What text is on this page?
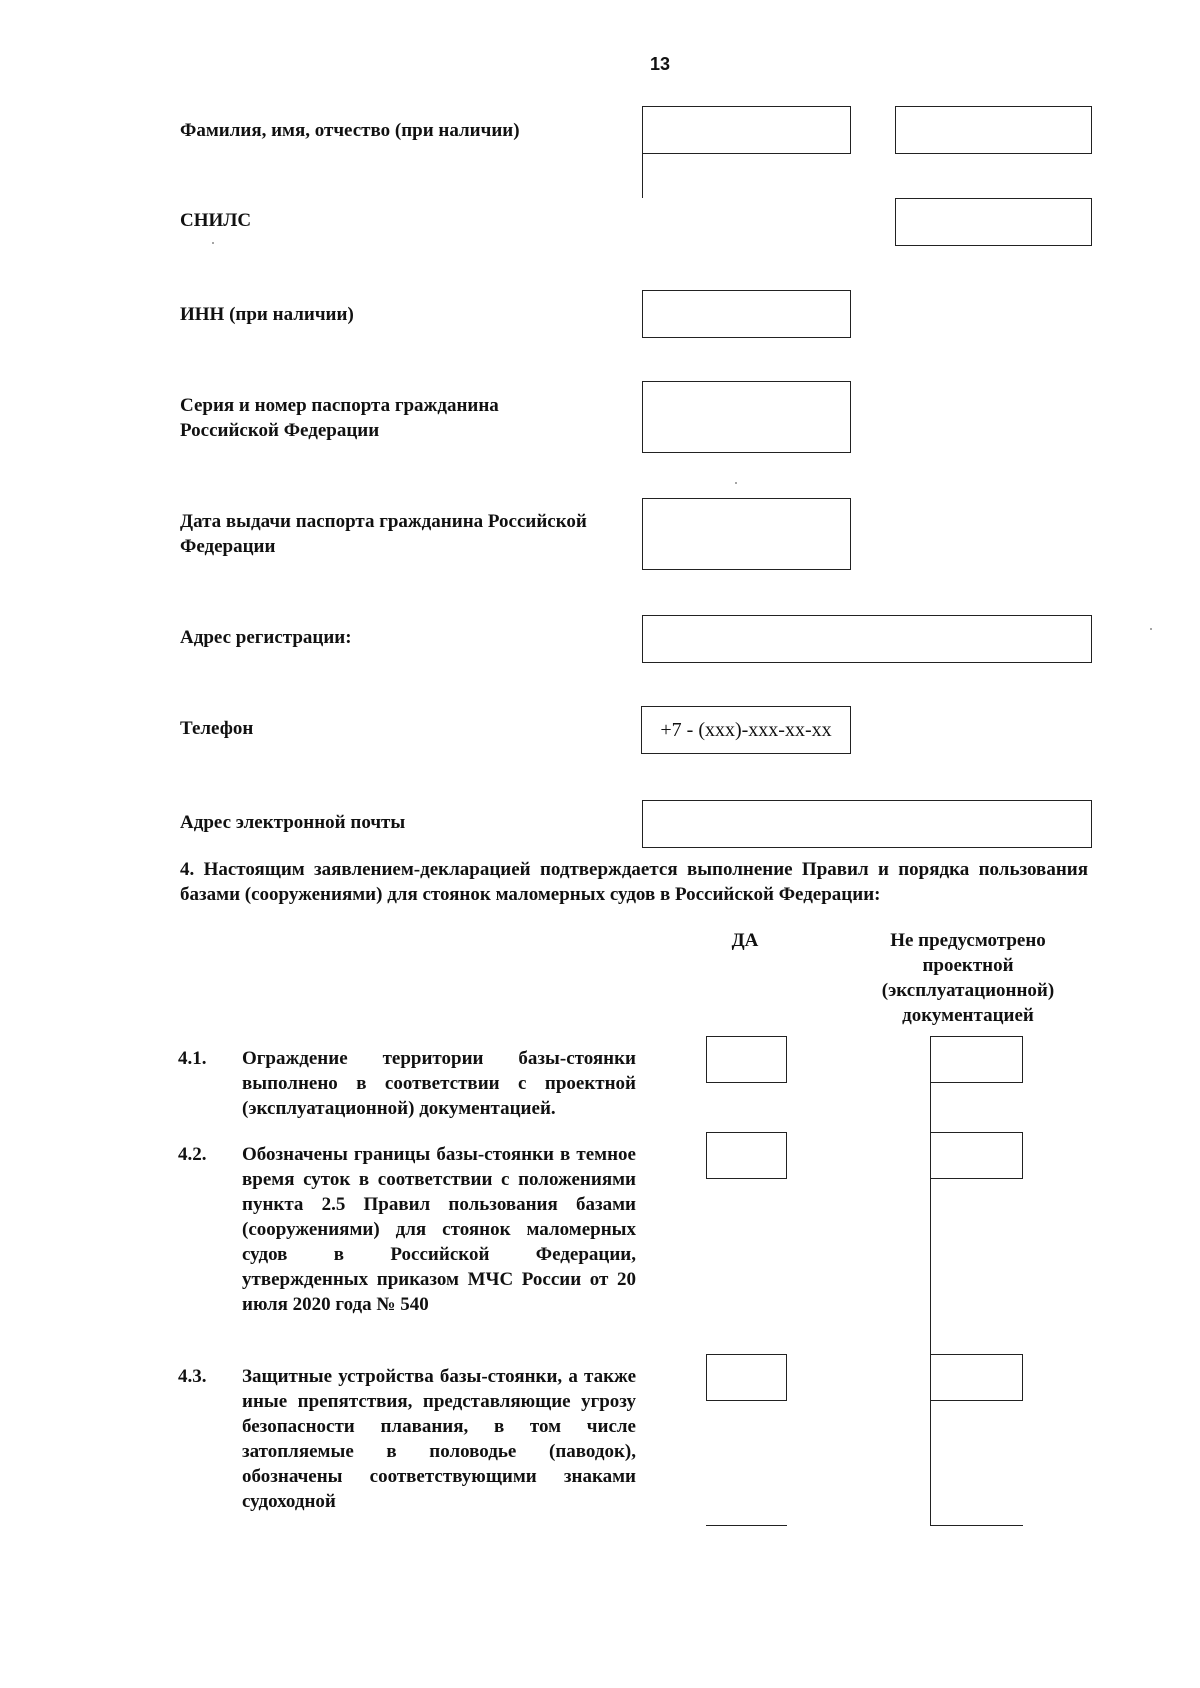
13
Фамилия, имя, отчество (при наличии)
СНИЛС
ИНН (при наличии)
Серия и номер паспорта гражданина
Российской Федерации
Дата выдачи паспорта гражданина Российской
Федерации
Адрес регистрации:
Телефон	+7 - (xxx)-xxx-xx-xx
Адрес электронной почты
4. Настоящим заявлением-декларацией подтверждается выполнение Правил и порядка пользования базами (сооружениями) для стоянок маломерных судов в Российской Федерации:
ДА	Не предусмотрено
проектной
(эксплуатационной)
документацией
4.1. Ограждение территории базы-стоянки выполнено в соответствии с проектной (эксплуатационной) документацией.
4.2. Обозначены границы базы-стоянки в темное время суток в соответствии с положениями пункта 2.5 Правил пользования базами (сооружениями) для стоянок маломерных судов в Российской Федерации, утвержденных приказом МЧС России от 20 июля 2020 года № 540
4.3. Защитные устройства базы-стоянки, а также иные препятствия, представляющие угрозу безопасности плавания, в том числе затопляемые в половодье (паводок), обозначены соответствующими знаками судоходной
